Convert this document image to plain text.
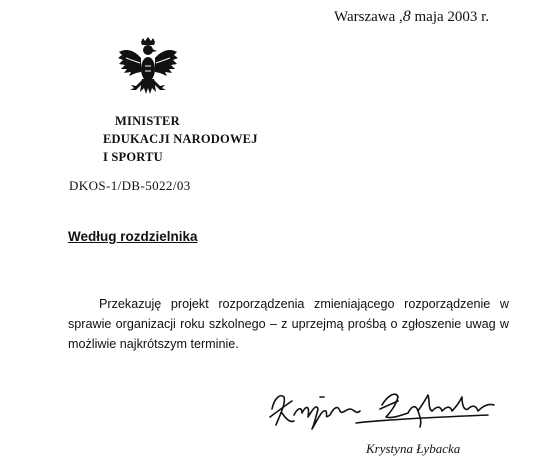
Warszawa ,8 maja 2003 r.
MINISTER
EDUKACJI NARODOWEJ
I SPORTU
DKOS-1/DB-5022/03
Według rozdzielnika
Przekazuję projekt rozporządzenia zmieniającego rozporządzenie w sprawie organizacji roku szkolnego – z uprzejmą prośbą o zgłoszenie uwag w możliwie najkrótszym terminie.
Krystyna Łybacka
